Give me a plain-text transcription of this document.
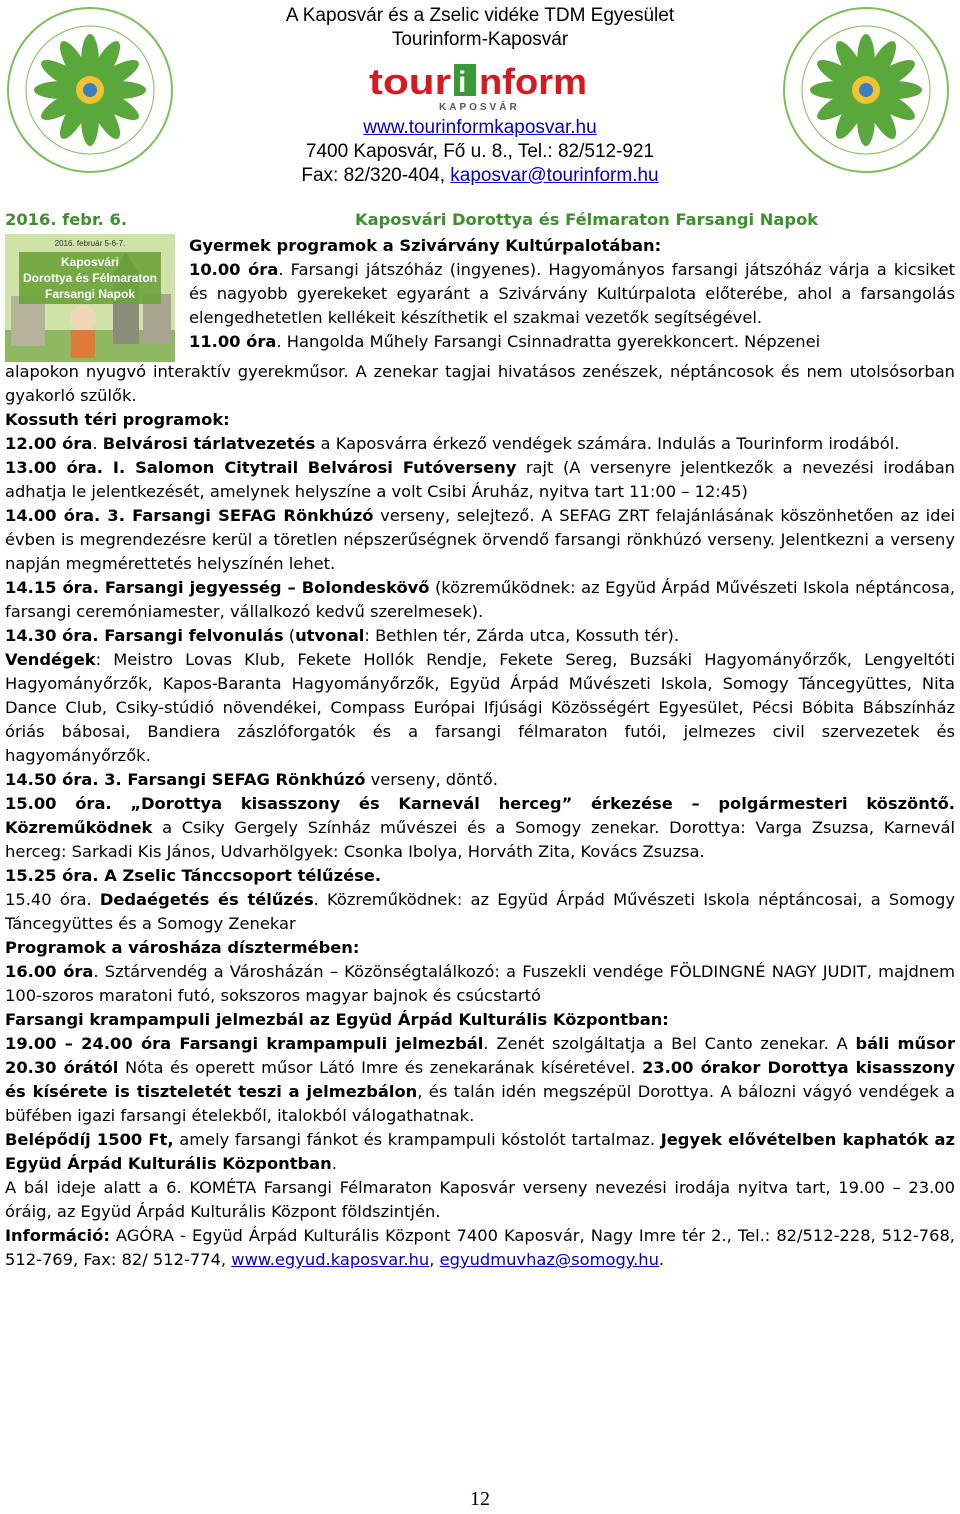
A Kaposvár és a Zselic vidéke TDM Egyesület
Tourinform-Kaposvár
tour i nform
KAPOSVÁR
www.tourinformkaposvar.hu
7400 Kaposvár, Fő u. 8., Tel.: 82/512-921
Fax: 82/320-404, kaposvar@tourinform.hu
2016. febr. 6.	Kaposvári Dorottya és Félmaraton Farsangi Napok
2016. február 5-6-7.
Kaposvári
Dorottya és Félmaraton
Farsangi Napok

Gyermek programok a Szivárvány Kultúrpalotában:

10.00 óra. Farsangi játszóház (ingyenes). Hagyományos farsangi játszóház várja a kicsiket és nagyobb gyerekeket egyaránt a Szivárvány Kultúrpalota előterébe, ahol a farsangolás elengedhetetlen kellékeit készíthetik el szakmai vezetők segítségével.

11.00 óra. Hangolda Műhely Farsangi Csinnadratta gyerekkoncert. Népzenei

alapokon nyugvó interaktív gyerekműsor. A zenekar tagjai hivatásos zenészek, néptáncosok és nem utolsósorban gyakorló szülők.

Kossuth téri programok:

12.00 óra. Belvárosi tárlatvezetés a Kaposvárra érkező vendégek számára. Indulás a Tourinform irodából.

13.00 óra. I. Salomon Citytrail Belvárosi Futóverseny rajt (A versenyre jelentkezők a nevezési irodában adhatja le jelentkezését, amelynek helyszíne a volt Csibi Áruház, nyitva tart 11:00 – 12:45)

14.00 óra. 3. Farsangi SEFAG Rönkhúzó verseny, selejtező. A SEFAG ZRT felajánlásának köszönhetően az idei évben is megrendezésre kerül a töretlen népszerűségnek örvendő farsangi rönkhúzó verseny. Jelentkezni a verseny napján megmérettetés helyszínén lehet.

14.15 óra. Farsangi jegyesség – Bolondeskövő (közreműködnek: az Együd Árpád Művészeti Iskola néptáncosa, farsangi ceremóniamester, vállalkozó kedvű szerelmesek).

14.30 óra. Farsangi felvonulás (utvonal: Bethlen tér, Zárda utca, Kossuth tér).

Vendégek: Meistro Lovas Klub, Fekete Hollók Rendje, Fekete Sereg, Buzsáki Hagyományőrzők, Lengyeltóti Hagyományőrzők, Kapos-Baranta Hagyományőrzők, Együd Árpád Művészeti Iskola, Somogy Táncegyüttes, Nita Dance Club, Csiky-stúdió növendékei, Compass Európai Ifjúsági Közösségért Egyesület, Pécsi Bóbita Bábszínház óriás bábosai, Bandiera zászlóforgatók és a farsangi félmaraton futói, jelmezes civil szervezetek és hagyományőrzők.

14.50 óra. 3. Farsangi SEFAG Rönkhúzó verseny, döntő.

15.00 óra. „Dorottya kisasszony és Karnevál herceg” érkezése – polgármesteri köszöntő. Közreműködnek a Csiky Gergely Színház művészei és a Somogy zenekar. Dorottya: Varga Zsuzsa, Karnevál herceg: Sarkadi Kis János, Udvarhölgyek: Csonka Ibolya, Horváth Zita, Kovács Zsuzsa.

15.25 óra. A Zselic Tánccsoport télűzése.

15.40 óra. Dedaégetés és télűzés. Közreműködnek: az Együd Árpád Művészeti Iskola néptáncosai, a Somogy Táncegyüttes és a Somogy Zenekar

Programok a városháza dísztermében:

16.00 óra. Sztárvendég a Városházán – Közönségtalálkozó: a Fuszekli vendége FÖLDINGNÉ NAGY JUDIT, majdnem 100-szoros maratoni futó, sokszoros magyar bajnok és csúcstartó

Farsangi krampampuli jelmezbál az Együd Árpád Kulturális Központban:

19.00 – 24.00 óra Farsangi krampampuli jelmezbál. Zenét szolgáltatja a Bel Canto zenekar. A báli műsor 20.30 órától Nóta és operett műsor Látó Imre és zenekarának kíséretével. 23.00 órakor Dorottya kisasszony és kísérete is tiszteletét teszi a jelmezbálon, és talán idén megszépül Dorottya. A bálozni vágyó vendégek a büfében igazi farsangi ételekből, italokból válogathatnak.

Belépődíj 1500 Ft, amely farsangi fánkot és krampampuli kóstolót tartalmaz. Jegyek elővételben kaphatók az Együd Árpád Kulturális Központban.

A bál ideje alatt a 6. KOMÉTA Farsangi Félmaraton Kaposvár verseny nevezési irodája nyitva tart, 19.00 – 23.00 óráig, az Együd Árpád Kulturális Központ földszintjén.

Információ: AGÓRA - Együd Árpád Kulturális Központ 7400 Kaposvár, Nagy Imre tér 2., Tel.: 82/512-228, 512-768, 512-769, Fax: 82/ 512-774, www.egyud.kaposvar.hu, egyudmuvhaz@somogy.hu.

12
